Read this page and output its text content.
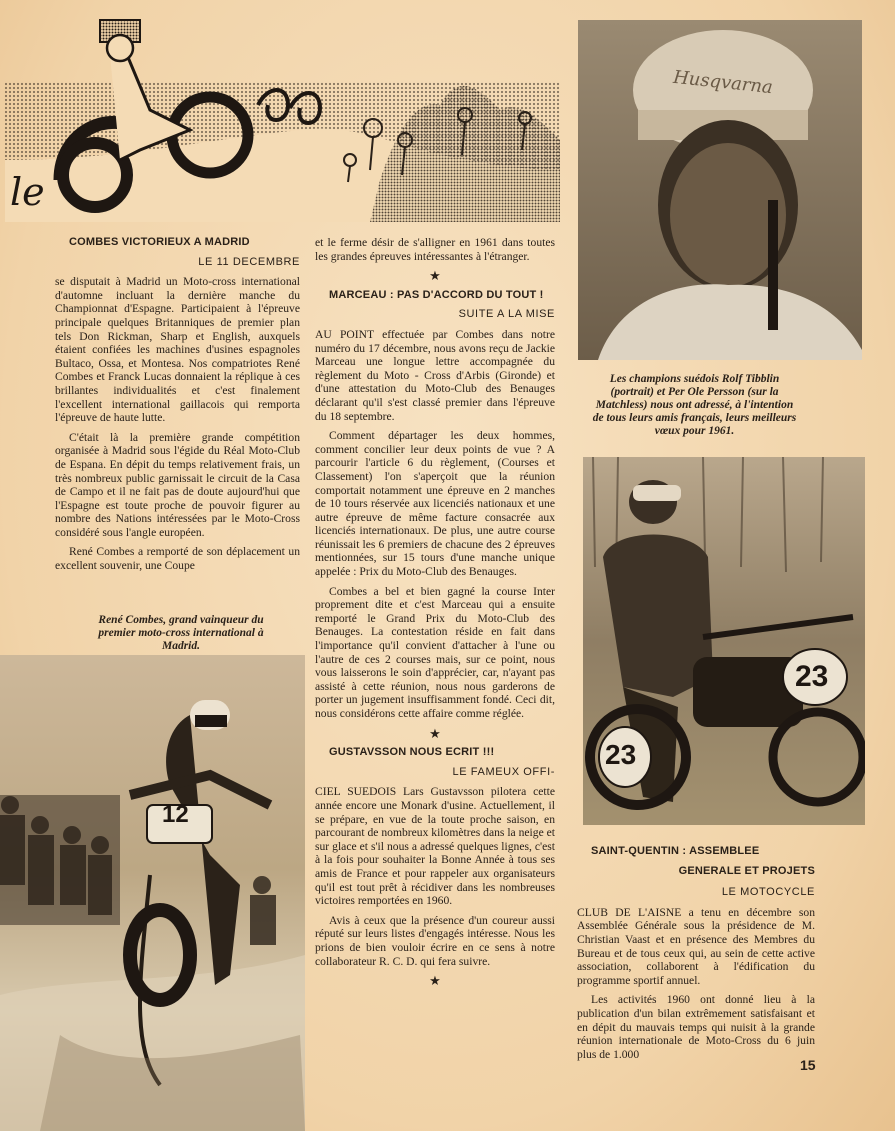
le

COMBES VICTORIEUX A MADRID

LE 11 DECEMBRE

se disputait à Madrid un Moto-cross international d'automne incluant la dernière manche du Championnat d'Espagne. Participaient à l'épreuve principale quelques Britanniques de premier plan tels Don Rickman, Sharp et English, auxquels étaient confiées les machines d'usines espagnoles Bultaco, Ossa, et Montesa. Nos compatriotes René Combes et Franck Lucas donnaient la réplique à ces brillantes individualités et c'est finalement l'excellent international gaillacois qui remporta l'épreuve de haute lutte.

C'était là la première grande compétition organisée à Madrid sous l'égide du Réal Moto-Club de Espana. En dépit du temps relativement frais, un très nombreux public garnissait le circuit de la Casa de Campo et il ne fait pas de doute aujourd'hui que l'Espagne est toute proche de pouvoir figurer au nombre des Nations intéressées par le Moto-Cross considéré sous l'angle européen.

René Combes a remporté de son déplacement un excellent souvenir, une Coupe

René Combes, grand vainqueur du premier moto-cross international à Madrid.
12

et le ferme désir de s'alligner en 1961 dans toutes les grandes épreuves intéressantes à l'étranger.

★

MARCEAU : PAS D'ACCORD DU TOUT !

SUITE A LA MISE

AU POINT effectuée par Combes dans notre numéro du 17 décembre, nous avons reçu de Jackie Marceau une longue lettre accompagnée du règlement du Moto - Cross d'Arbis (Gironde) et d'une attestation du Moto-Club des Benauges déclarant qu'il s'est classé premier dans l'épreuve du 18 septembre.

Comment départager les deux hommes, comment concilier leur deux points de vue ? A parcourir l'article 6 du règlement, (Courses et Classement) l'on s'aperçoit que la réunion comportait notamment une épreuve en 2 manches de 10 tours réservée aux licenciés nationaux et une autre épreuve de même facture consacrée aux licenciés internationaux. De plus, une autre course réunissait les 6 premiers de chacune des 2 épreuves mentionnées, sur 15 tours d'une manche unique appelée : Prix du Moto-Club des Benauges.

Combes a bel et bien gagné la course Inter proprement dite et c'est Marceau qui a ensuite remporté le Grand Prix du Moto-Club des Benauges. La contestation réside en fait dans l'importance qu'il convient d'attacher à l'une ou l'autre de ces 2 courses mais, sur ce point, nous vous laisserons le soin d'apprécier, car, n'ayant pas assisté à cette réunion, nous nous garderons de porter un jugement insuffisamment fondé. Ceci dit, nous considérons cette affaire comme réglée.

★

GUSTAVSSON NOUS ECRIT !!!

LE FAMEUX OFFI-

CIEL SUEDOIS Lars Gustavsson pilotera cette année encore une Monark d'usine. Actuellement, il se prépare, en vue de la toute proche saison, en parcourant de nombreux kilomètres dans la neige et sur glace et s'il nous a adressé quelques lignes, c'est à la fois pour souhaiter la Bonne Année à tous ses amis de France et pour rappeler aux organisateurs qu'il est tout prêt à récidiver dans les nombreuses victoires remportées en 1960.

Avis à ceux que la présence d'un coureur aussi réputé sur leurs listes d'engagés intéresse. Nous les prions de bien vouloir écrire en ce sens à notre collaborateur R. C. D. qui fera suivre.

★
Husqvarna
Les champions suédois Rolf Tibblin (portrait) et Per Ole Persson (sur la Matchless) nous ont adressé, à l'intention de tous leurs amis français, leurs meilleurs vœux pour 1961.
23
23

SAINT-QUENTIN : ASSEMBLEE

GENERALE ET PROJETS

LE MOTOCYCLE

CLUB DE L'AISNE a tenu en décembre son Assemblée Générale sous la présidence de M. Christian Vaast et en présence des Membres du Bureau et de tous ceux qui, au sein de cette active association, collaborent à l'édification du programme sportif annuel.

Les activités 1960 ont donné lieu à la publication d'un bilan extrêmement satisfaisant et en dépit du mauvais temps qui nuisit à la grande réunion internationale de Moto-Cross du 6 juin plus de 1.000

15
